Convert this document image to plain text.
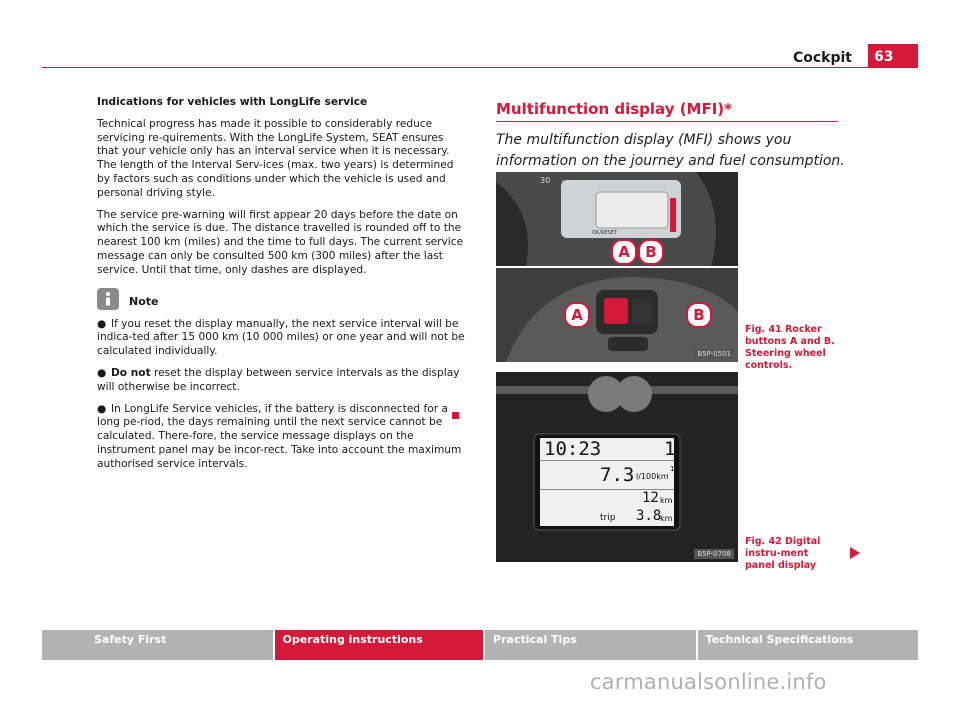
Cockpit	63

Indications for vehicles with LongLife service

Technical progress has made it possible to considerably reduce servicing re-quirements. With the LongLife System, SEAT ensures that your vehicle only has an interval service when it is necessary. The length of the Interval Serv-ices (max. two years) is determined by factors such as conditions under which the vehicle is used and personal driving style.

The service pre-warning will first appear 20 days before the date on which the service is due. The distance travelled is rounded off to the nearest 100 km (miles) and the time to full days. The current service message can only be consulted 500 km (300 miles) after the last service. Until that time, only dashes are displayed.

Note

● If you reset the display manually, the next service interval will be indica-ted after 15 000 km (10 000 miles) or one year and will not be calculated individually.

● Do not reset the display between service intervals as the display will otherwise be incorrect.

● In LongLife Service vehicles, if the battery is disconnected for a long pe-riod, the days remaining until the next service cannot be calculated. There-fore, the service message displays on the instrument panel may be incor-rect. Take into account the maximum authorised service intervals.

Multifunction display (MFI)*
The multifunction display (MFI) shows you information on the journey and fuel consumption.
30 km/h
OK/RESET
A	B
A	B
B5P-0501
Fig. 41 Rocker buttons A and B. Steering wheel controls.
10:23	1
7.3 l/100km
1
12 km
trip 3.8
km
B5P-0708
Fig. 42 Digital instru-ment panel display
Safety First	Operating instructions	Practical Tips	Technical Specifications
carmanualsonline.info
